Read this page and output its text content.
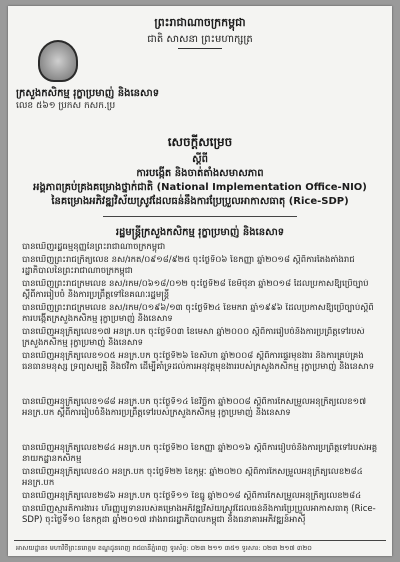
ព្រះរាជាណាចក្រកម្ពុជា
ជាតិ សាសនា ព្រះមហាក្សត្រ
ក្រសួងកសិកម្ម រុក្ខាប្រមាញ់ និងនេសាទ
លេខ ៥៦១ ប្រកស កសក.ប្រ
សេចក្តីសម្រេច
ស្តីពី
ការបង្កើត និងចាត់តាំងសមាសភាព
អង្គភាពគ្រប់គ្រងគម្រោងថ្នាក់ជាតិ (National Implementation Office-NIO)
នៃគម្រោងអភិវឌ្ឍវិស័យស្រូវដែលធន់នឹងការប្រែប្រួលអាកាសធាតុ (Rice-SDP)
រដ្ឋមន្ត្រីក្រសួងកសិកម្ម រុក្ខាប្រមាញ់ និងនេសាទ
- បានឃើញរដ្ឋធម្មនុញ្ញនៃព្រះរាជាណាចក្រកម្ពុជា
- បានឃើញព្រះរាជក្រឹត្យលេខ នស/រកត/០៩១៨/៩២៥ ចុះថ្ងៃទី០៦ ខែកញ្ញា ឆ្នាំ២០១៨ ស្តីពីការតែងតាំងរាជរដ្ឋាភិបាលនៃព្រះរាជាណាចក្រកម្ពុជា
- បានឃើញព្រះរាជក្រមលេខ នស/រកម/០៦១៨/០១២ ចុះថ្ងៃទី២៨ ខែមិថុនា ឆ្នាំ២០១៨ ដែលប្រកាសឱ្យប្រើច្បាប់ស្តីពីការរៀបចំ និងការប្រព្រឹត្តទៅនៃគណៈរដ្ឋមន្ត្រី
- បានឃើញព្រះរាជក្រមលេខ នស/រកម/០១៩៦/១៣ ចុះថ្ងៃទី២៤ ខែមករា ឆ្នាំ១៩៩៦ ដែលប្រកាសឱ្យប្រើច្បាប់ស្តីពីការបង្កើតក្រសួងកសិកម្ម រុក្ខាប្រមាញ់ និងនេសាទ
- បានឃើញអនុក្រឹត្យលេខ១៧ អនក្រ.បក ចុះថ្ងៃទី០៣ ខែមេសា ឆ្នាំ២០០០ ស្តីពីការរៀបចំនិងការប្រព្រឹត្តទៅរបស់ក្រសួងកសិកម្ម រុក្ខាប្រមាញ់ និងនេសាទ
- បានឃើញអនុក្រឹត្យលេខ១០៥ អនក្រ.បក ចុះថ្ងៃទី២៦ ខែសីហា ឆ្នាំ២០០៨ ស្តីពីការផ្ទេរមុខងារ និងការគ្រប់គ្រងធនធានមនុស្ស ទ្រព្យសម្បត្តិ និងថវិកា ដើម្បីគាំទ្រដល់ការអនុវត្តមុខងាររបស់ក្រសួងកសិកម្ម រុក្ខាប្រមាញ់ និងនេសាទ
- បានឃើញអនុក្រឹត្យលេខ១៨៨ អនក្រ.បក ចុះថ្ងៃទី១៤ ខែវិច្ឆិកា ឆ្នាំ២០០៨ ស្តីពីការកែសម្រួលអនុក្រឹត្យលេខ១៧ អនក្រ.បក ស្តីពីការរៀបចំនិងការប្រព្រឹត្តទៅរបស់ក្រសួងកសិកម្ម រុក្ខាប្រមាញ់ និងនេសាទ
- បានឃើញអនុក្រឹត្យលេខ២៨៤ អនក្រ.បក ចុះថ្ងៃទី២០ ខែកញ្ញា ឆ្នាំ២០១៦ ស្តីពីការរៀបចំនិងការប្រព្រឹត្តទៅរបស់អគ្គនាយកដ្ឋានកសិកម្ម
- បានឃើញអនុក្រឹត្យលេខ៤០ អនក្រ.បក ចុះថ្ងៃទី២២ ខែកុម្ភៈ ឆ្នាំ២០២០ ស្តីពីការកែសម្រួលអនុក្រឹត្យលេខ២៨៤ អនក្រ.បក
- បានឃើញអនុក្រឹត្យលេខ២៨៦ អនក្រ.បក ចុះថ្ងៃទី១១ ខែធ្នូ ឆ្នាំ២០១៨ ស្តីពីការកែសម្រួលអនុក្រឹត្យលេខ២៨៤
- បានឃើញស្មារតីការងារ៖ ហិរញ្ញប្បទានរបស់គម្រោងអភិវឌ្ឍវិស័យស្រូវដែលធន់នឹងការប្រែប្រួលអាកាសធាតុ (Rice-SDP) ចុះថ្ងៃទី១០ ខែកក្កដា ឆ្នាំ២០១៧ រវាងរាជរដ្ឋាភិបាលកម្ពុជា និងធនាគារអភិវឌ្ឍន៍អាស៊ី
អាសយដ្ឋាន៖ មហាវិថីព្រះនរោត្តម ខណ្ឌដូនពេញ រាជធានីភ្នំពេញ ទូរស័ព្ទ: ០២៣ ២១១ ៣៥១ ទូរសារ: ០២៣ ២១៧ ៣២០
